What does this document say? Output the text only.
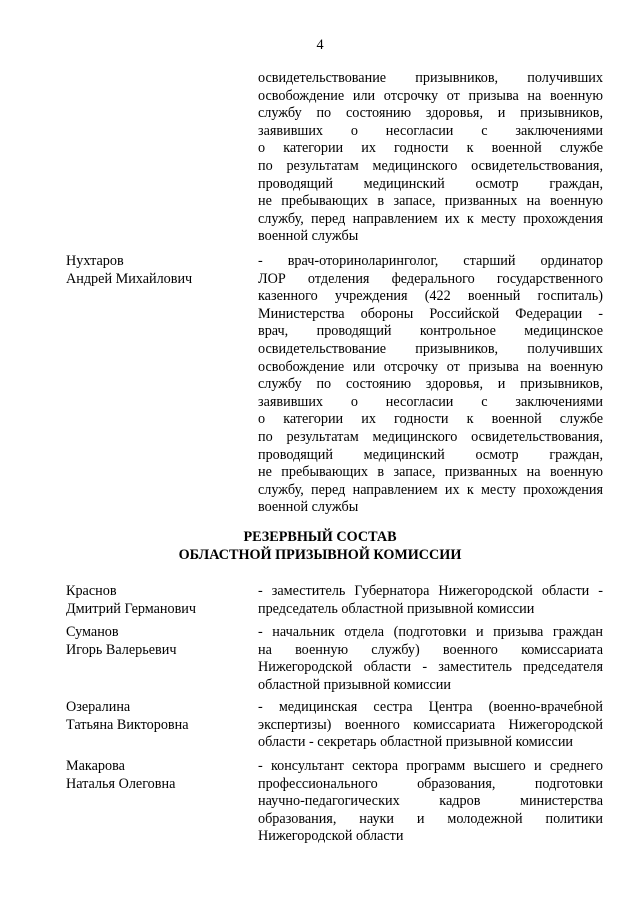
4
освидетельствование призывников, получивших
освобождение или отсрочку от призыва на военную
службу по состоянию здоровья, и призывников,
заявивших о несогласии с заключениями
о категории их годности к военной службе
по результатам медицинского освидетельствования,
проводящий медицинский осмотр граждан,
не пребывающих в запасе, призванных на военную
службу, перед направлением их к месту прохождения
военной службы
Нухтаров
Андрей Михайлович
- врач-оториноларинголог, старший ординатор
ЛОР отделения федерального государственного
казенного учреждения (422 военный госпиталь)
Министерства обороны Российской Федерации -
врач, проводящий контрольное медицинское
освидетельствование призывников, получивших
освобождение или отсрочку от призыва на военную
службу по состоянию здоровья, и призывников,
заявивших о несогласии с заключениями
о категории их годности к военной службе
по результатам медицинского освидетельствования,
проводящий медицинский осмотр граждан,
не пребывающих в запасе, призванных на военную
службу, перед направлением их к месту прохождения
военной службы
РЕЗЕРВНЫЙ СОСТАВ
ОБЛАСТНОЙ ПРИЗЫВНОЙ КОМИССИИ
Краснов
Дмитрий Германович
- заместитель Губернатора Нижегородской области -
председатель областной призывной комиссии
Суманов
Игорь Валерьевич
- начальник отдела (подготовки и призыва граждан
на военную службу) военного комиссариата
Нижегородской области - заместитель председателя
областной призывной комиссии
Озералина
Татьяна Викторовна
- медицинская сестра Центра (военно-врачебной
экспертизы) военного комиссариата Нижегородской
области - секретарь областной призывной комиссии
Макарова
Наталья Олеговна
- консультант сектора программ высшего и среднего
профессионального образования, подготовки
научно-педагогических кадров министерства
образования, науки и молодежной политики
Нижегородской области
